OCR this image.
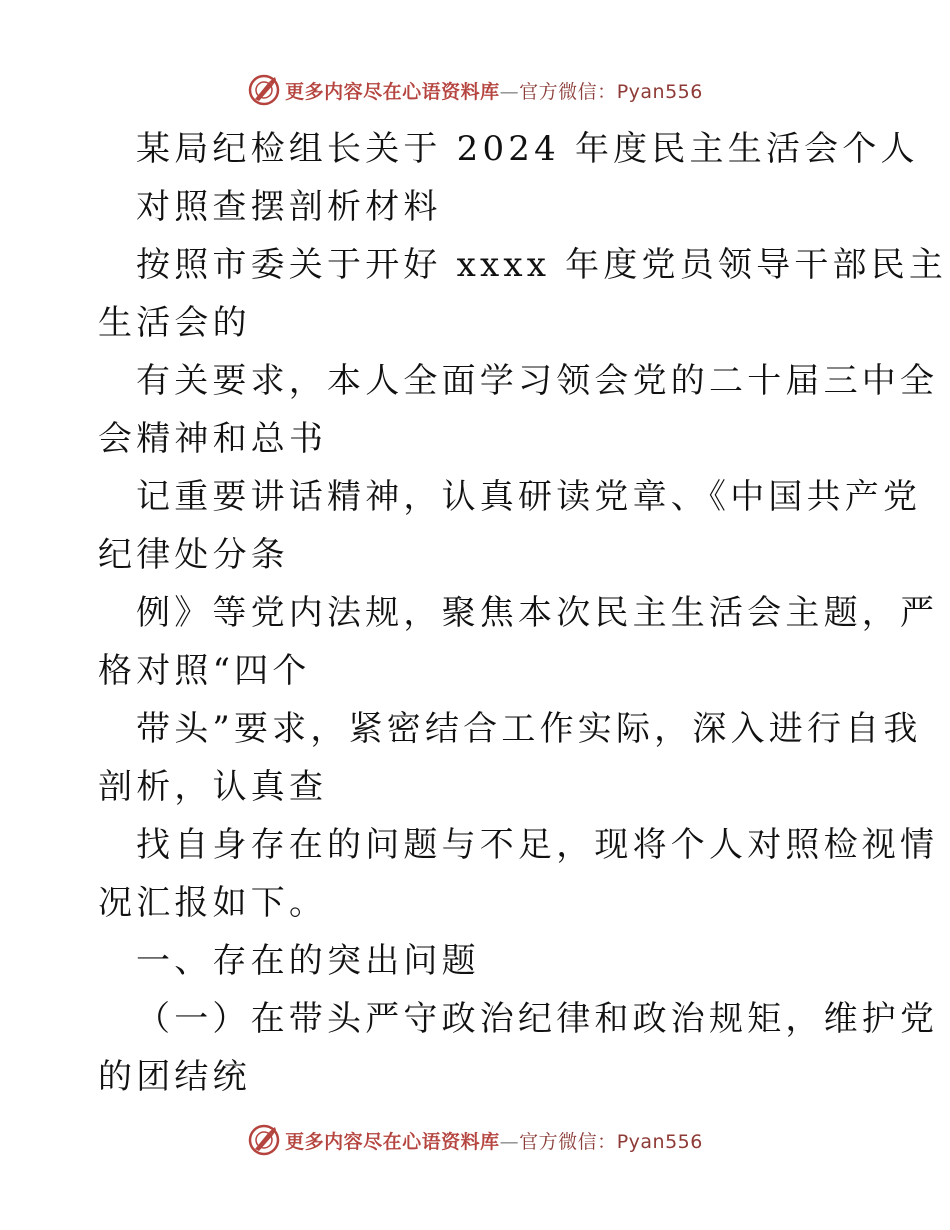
更多内容尽在心语资料库—官方微信：Pyan556
某局纪检组长关于 2024 年度民主生活会个人
对照查摆剖析材料
按照市委关于开好 xxxx 年度党员领导干部民主
生活会的
有关要求，本人全面学习领会党的二十届三中全
会精神和总书
记重要讲话精神，认真研读党章、《中国共产党
纪律处分条
例》等党内法规，聚焦本次民主生活会主题，严
格对照“四个
带头”要求，紧密结合工作实际，深入进行自我
剖析，认真查
找自身存在的问题与不足，现将个人对照检视情
况汇报如下。
一、存在的突出问题
（一）在带头严守政治纪律和政治规矩，维护党
的团结统
更多内容尽在心语资料库—官方微信：Pyan556
